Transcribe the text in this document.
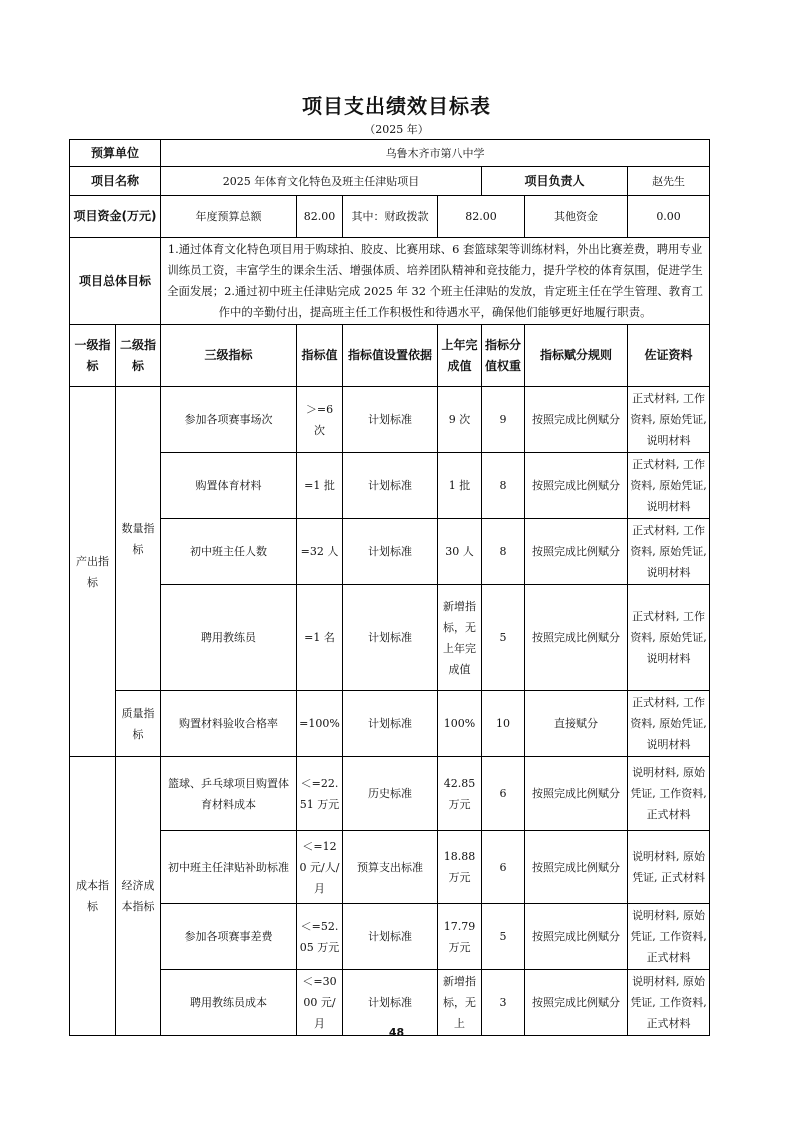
项目支出绩效目标表
（2025 年）
预算单位		乌鲁木齐市第八中学						
项目名称		2025 年体育文化特色及班主任津贴项目				项目负责人		赵先生
项目资金(万元)		年度预算总额	82.00	其中：财政拨款	82.00		其他资金	0.00
项目总体目标		1.通过体育文化特色项目用于购球拍、胶皮、比赛用球、6 套篮球架等训练材料，外出比赛差费，聘用专业训练员工资，丰富学生的课余生活、增强体质、培养团队精神和竞技能力，提升学校的体育氛围，促进学生全面发展；2.通过初中班主任津贴完成 2025 年 32 个班主任津贴的发放，肯定班主任在学生管理、教育工作中的辛勤付出，提高班主任工作积极性和待遇水平，确保他们能够更好地履行职责。						
一级指标	二级指标	三级指标	指标值	指标值设置依据	上年完成值	指标分值权重	指标赋分规则	佐证资料
产出指标	数量指标	参加各项赛事场次	＞=6 次	计划标准	9 次	9	按照完成比例赋分	正式材料, 工作资料, 原始凭证, 说明材料
		购置体育材料	=1 批	计划标准	1 批	8	按照完成比例赋分	正式材料, 工作资料, 原始凭证, 说明材料
		初中班主任人数	=32 人	计划标准	30 人	8	按照完成比例赋分	正式材料, 工作资料, 原始凭证, 说明材料
		聘用教练员	=1 名	计划标准	新增指标，无上年完成值	5	按照完成比例赋分	正式材料, 工作资料, 原始凭证, 说明材料
	质量指标	购置材料验收合格率	=100%	计划标准	100%	10	直接赋分	正式材料, 工作资料, 原始凭证, 说明材料
成本指标	经济成本指标	篮球、乒乓球项目购置体育材料成本	＜=22.51 万元	历史标准	42.85 万元	6	按照完成比例赋分	说明材料, 原始凭证, 工作资料, 正式材料
		初中班主任津贴补助标准	＜=120 元/人/月	预算支出标准	18.88 万元	6	按照完成比例赋分	说明材料, 原始凭证, 正式材料
		参加各项赛事差费	＜=52.05 万元	计划标准	17.79 万元	5	按照完成比例赋分	说明材料, 原始凭证, 工作资料, 正式材料
		聘用教练员成本	＜=3000 元/月	计划标准	新增指标，无上	3	按照完成比例赋分	说明材料, 原始凭证, 工作资料, 正式材料
48
